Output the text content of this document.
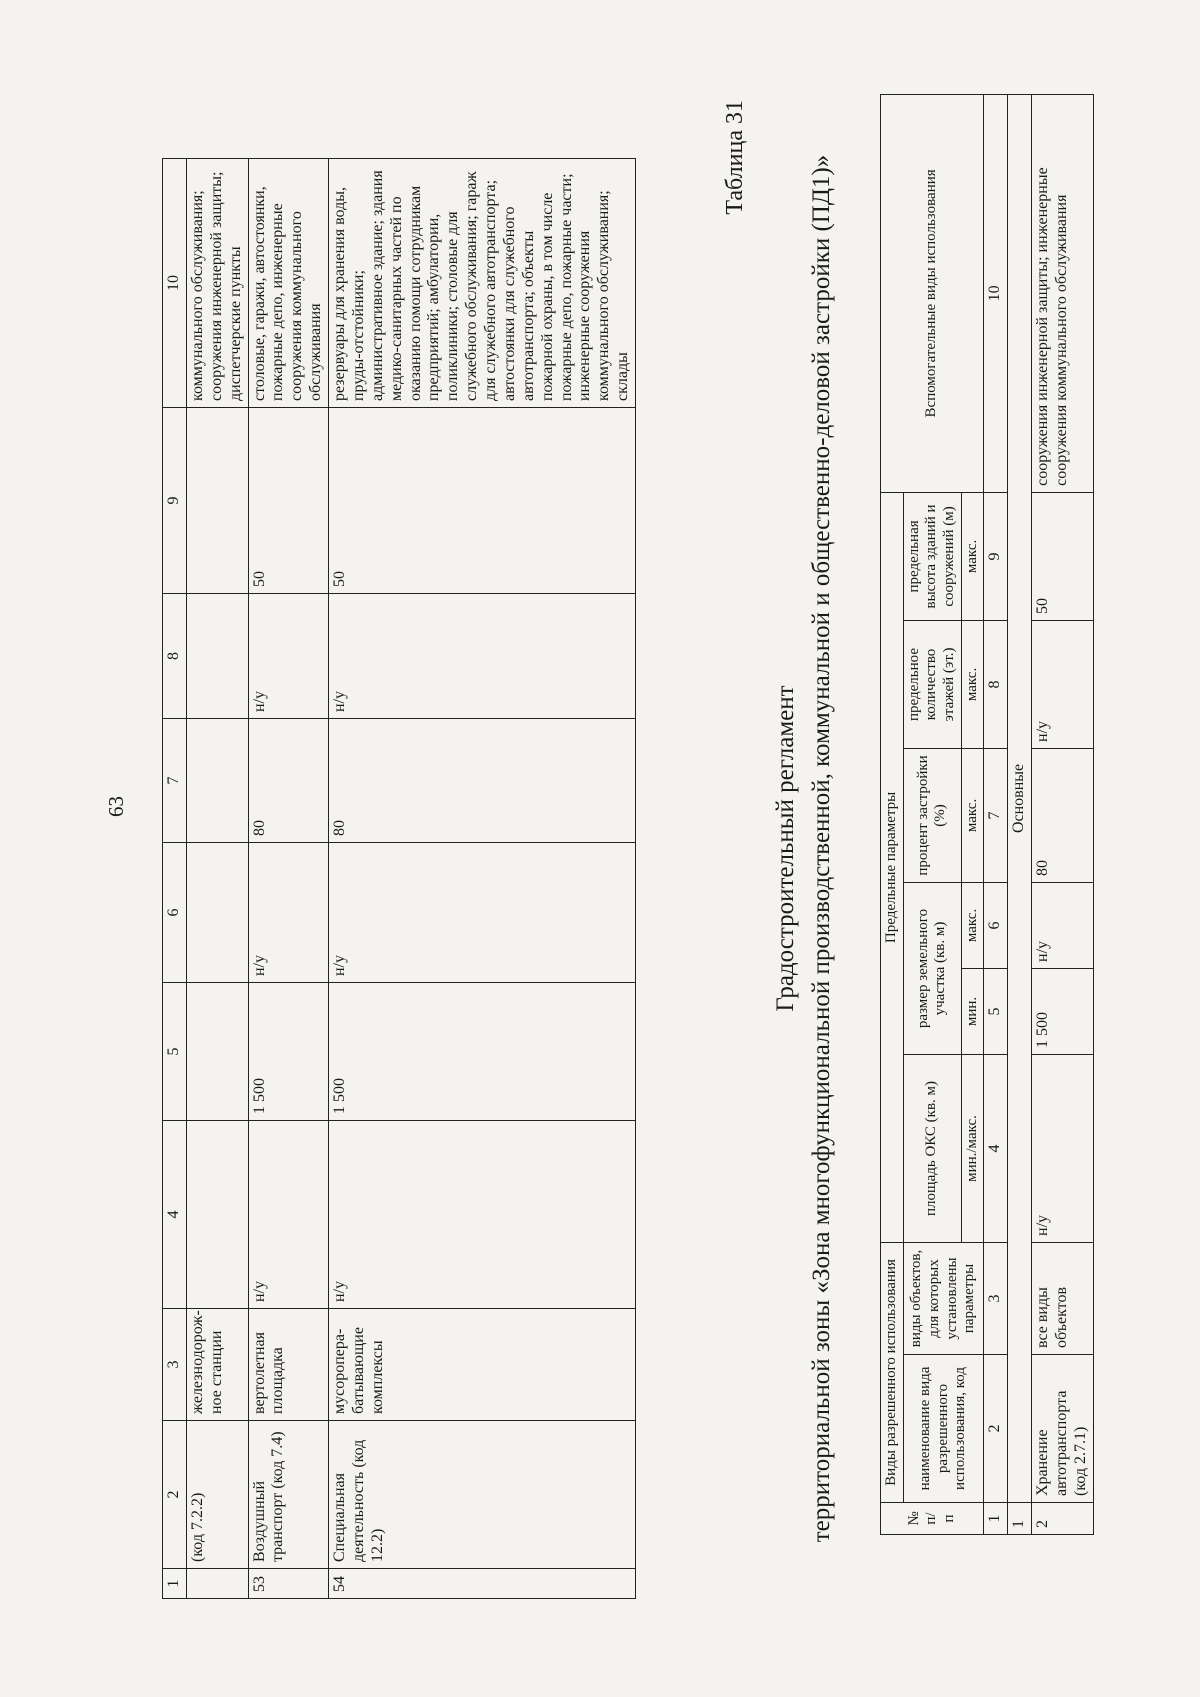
63
1	2	3	4	5	6	7	8	9	10
	(код 7.2.2)	железнодорож-ное станции							коммунального обслуживания; сооружения инженерной защиты; диспетчерские пункты
53	Воздушный транспорт (код 7.4)	вертолетная площадка	н/у	1 500	н/у	80	н/у	50	столовые, гаражи, автостоянки, пожарные депо, инженерные сооружения коммунального обслуживания
54	Специальная деятельность (код 12.2)	мусоропера-батывающие комплексы	н/у	1 500	н/у	80	н/у	50	резервуары для хранения воды, пруды-отстойники; административное здание; здания медико-санитарных частей по оказанию помощи сотрудникам предприятий; амбулатории, поликлиники; столовые для служебного обслуживания; гараж для служебного автотранспорта; автостоянки для служебного автотранспорта; объекты пожарной охраны, в том числе пожарные депо, пожарные части; инженерные сооружения коммунального обслуживания; склады
Таблица 31
Градостроительный регламент территориальной зоны «Зона многофункциональной производственной, коммунальной и общественно-деловой застройки (ПД1)»	№ п/п	Виды разрешенного использования		Предельные параметры						Вспомогательные виды использования
	наименование вида разрешенного использования, код	виды объектов, для которых установлены параметры	площадь ОКС (кв. м)	размер земельного участка (кв. м)		процент застройки (%)	предельное количество этажей (эт.)	предельная высота зданий и сооружений (м)	
			мин./макс.	мин.	макс.	макс.	макс.	макс.	
1	2	3	4	5	6	7	8	9	10
1	Основные								
2	Хранение автотранспорта (код 2.7.1)	все виды объектов	н/у	1 500	н/у	80	н/у	50	сооружения инженерной защиты; инженерные сооружения коммунального обслуживания
